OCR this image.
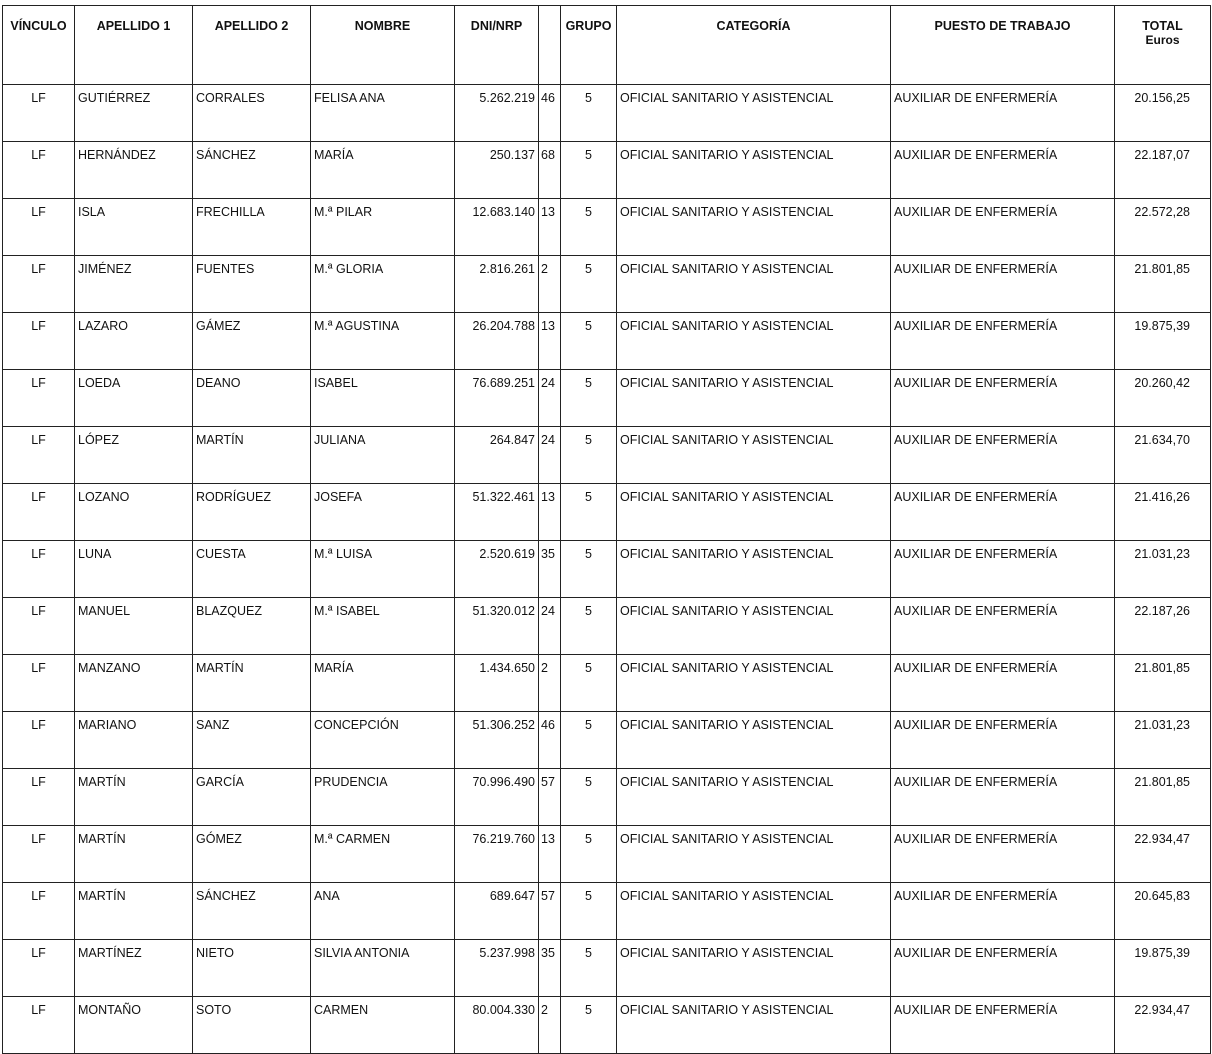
VÍNCULO	APELLIDO 1	APELLIDO 2	NOMBRE	DNI/NRP		GRUPO	CATEGORÍA	PUESTO DE TRABAJO	TOTAL
Euros

LF	GUTIÉRREZ	CORRALES	FELISA ANA	5.262.219	46	5	OFICIAL SANITARIO Y ASISTENCIAL	AUXILIAR DE ENFERMERÍA	20.156,25
LF	HERNÁNDEZ	SÁNCHEZ	MARÍA	250.137	68	5	OFICIAL SANITARIO Y ASISTENCIAL	AUXILIAR DE ENFERMERÍA	22.187,07
LF	ISLA	FRECHILLA	M.ª PILAR	12.683.140	13	5	OFICIAL SANITARIO Y ASISTENCIAL	AUXILIAR DE ENFERMERÍA	22.572,28
LF	JIMÉNEZ	FUENTES	M.ª GLORIA	2.816.261	2	5	OFICIAL SANITARIO Y ASISTENCIAL	AUXILIAR DE ENFERMERÍA	21.801,85
LF	LAZARO	GÁMEZ	M.ª AGUSTINA	26.204.788	13	5	OFICIAL SANITARIO Y ASISTENCIAL	AUXILIAR DE ENFERMERÍA	19.875,39
LF	LOEDA	DEANO	ISABEL	76.689.251	24	5	OFICIAL SANITARIO Y ASISTENCIAL	AUXILIAR DE ENFERMERÍA	20.260,42
LF	LÓPEZ	MARTÍN	JULIANA	264.847	24	5	OFICIAL SANITARIO Y ASISTENCIAL	AUXILIAR DE ENFERMERÍA	21.634,70
LF	LOZANO	RODRÍGUEZ	JOSEFA	51.322.461	13	5	OFICIAL SANITARIO Y ASISTENCIAL	AUXILIAR DE ENFERMERÍA	21.416,26
LF	LUNA	CUESTA	M.ª LUISA	2.520.619	35	5	OFICIAL SANITARIO Y ASISTENCIAL	AUXILIAR DE ENFERMERÍA	21.031,23
LF	MANUEL	BLAZQUEZ	M.ª ISABEL	51.320.012	24	5	OFICIAL SANITARIO Y ASISTENCIAL	AUXILIAR DE ENFERMERÍA	22.187,26
LF	MANZANO	MARTÍN	MARÍA	1.434.650	2	5	OFICIAL SANITARIO Y ASISTENCIAL	AUXILIAR DE ENFERMERÍA	21.801,85
LF	MARIANO	SANZ	CONCEPCIÓN	51.306.252	46	5	OFICIAL SANITARIO Y ASISTENCIAL	AUXILIAR DE ENFERMERÍA	21.031,23
LF	MARTÍN	GARCÍA	PRUDENCIA	70.996.490	57	5	OFICIAL SANITARIO Y ASISTENCIAL	AUXILIAR DE ENFERMERÍA	21.801,85
LF	MARTÍN	GÓMEZ	M.ª CARMEN	76.219.760	13	5	OFICIAL SANITARIO Y ASISTENCIAL	AUXILIAR DE ENFERMERÍA	22.934,47
LF	MARTÍN	SÁNCHEZ	ANA	689.647	57	5	OFICIAL SANITARIO Y ASISTENCIAL	AUXILIAR DE ENFERMERÍA	20.645,83
LF	MARTÍNEZ	NIETO	SILVIA ANTONIA	5.237.998	35	5	OFICIAL SANITARIO Y ASISTENCIAL	AUXILIAR DE ENFERMERÍA	19.875,39
LF	MONTAÑO	SOTO	CARMEN	80.004.330	2	5	OFICIAL SANITARIO Y ASISTENCIAL	AUXILIAR DE ENFERMERÍA	22.934,47
